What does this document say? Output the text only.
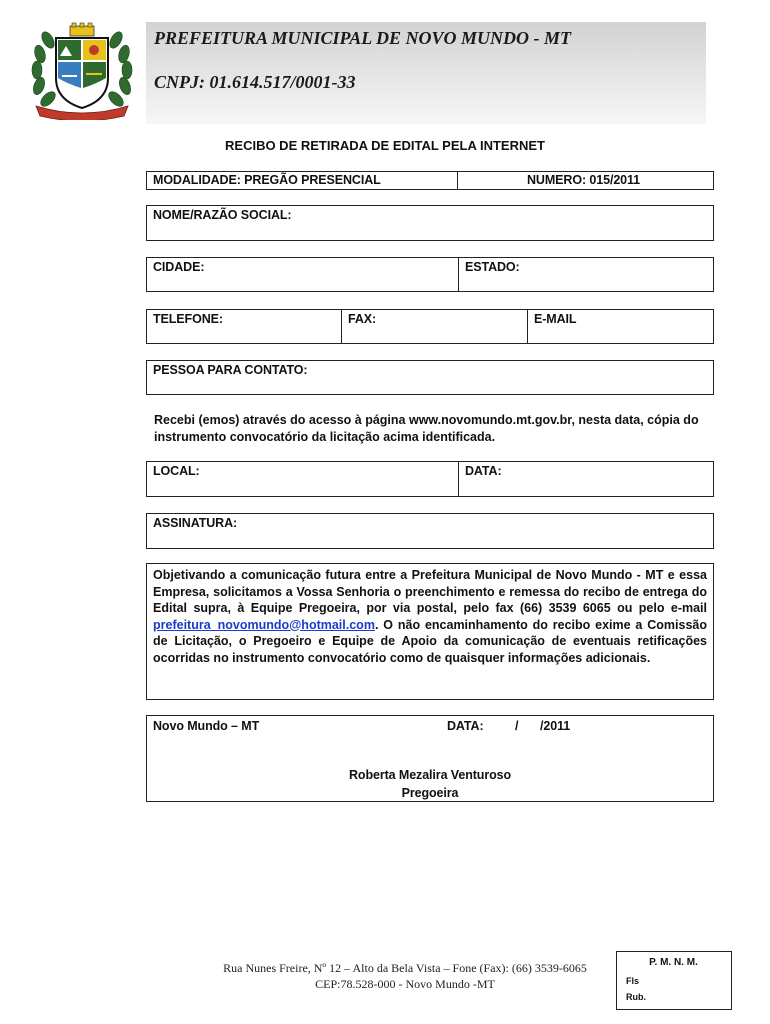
PREFEITURA MUNICIPAL DE NOVO MUNDO - MT
CNPJ: 01.614.517/0001-33
RECIBO DE RETIRADA DE EDITAL PELA INTERNET
MODALIDADE: PREGÃO PRESENCIAL	NUMERO: 015/2011
NOME/RAZÃO SOCIAL:
CIDADE:	ESTADO:
TELEFONE:	FAX:	E-MAIL
PESSOA PARA CONTATO:
Recebi (emos) através do acesso à página www.novomundo.mt.gov.br, nesta data, cópia do instrumento convocatório da licitação acima identificada.
LOCAL:	DATA:
ASSINATURA:
Objetivando a comunicação futura entre a Prefeitura Municipal de Novo Mundo - MT e essa Empresa, solicitamos a Vossa Senhoria o preenchimento e remessa do recibo de entrega do Edital supra, à Equipe Pregoeira, por via postal, pelo fax (66) 3539 6065 ou pelo e-mail prefeitura_novomundo@hotmail.com. O não encaminhamento do recibo exime a Comissão de Licitação, o Pregoeiro e Equipe de Apoio da comunicação de eventuais retificações ocorridas no instrumento convocatório como de quaisquer informações adicionais.
Novo Mundo – MT	DATA:	/ /2011
Roberta Mezalira Venturoso
Pregoeira
Rua Nunes Freire, Nº 12 – Alto da Bela Vista – Fone (Fax): (66) 3539-6065
CEP:78.528-000 - Novo Mundo -MT
P. M. N. M.
Fls
Rub.
